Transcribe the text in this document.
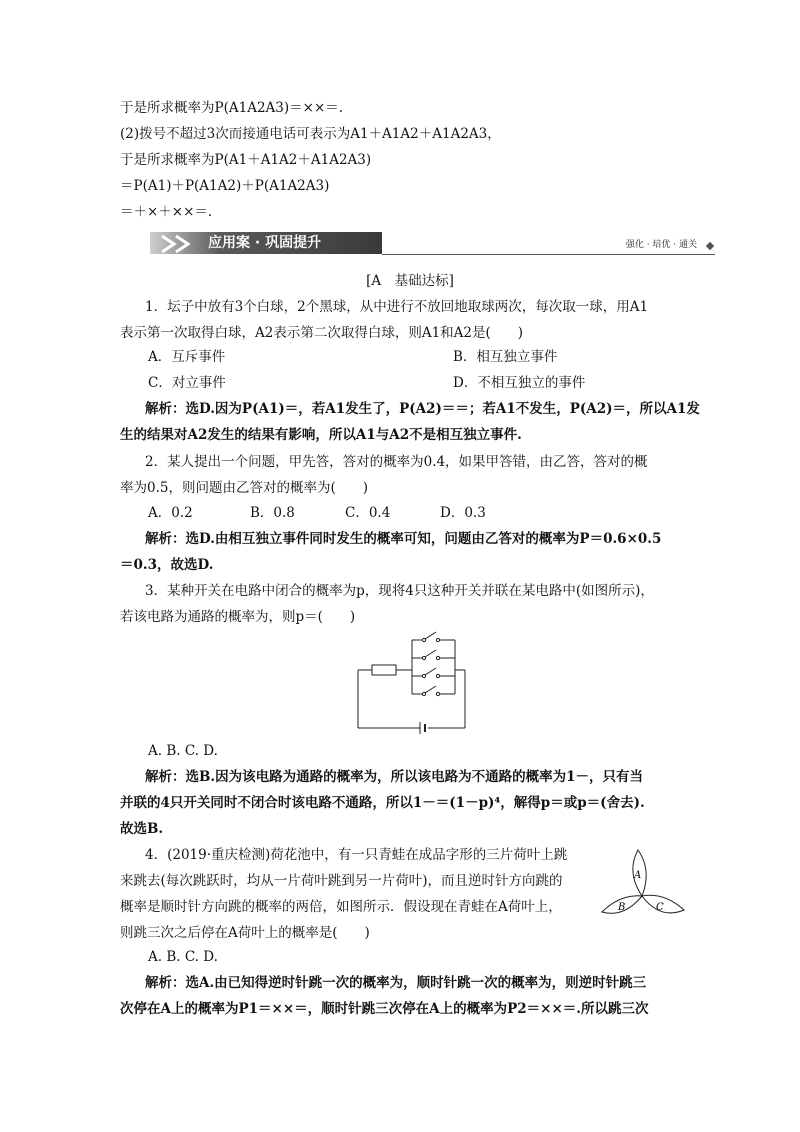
于是所求概率为P(A1A2A3)＝××＝.
(2)拨号不超过3次而接通电话可表示为A1＋A1A2＋A1A2A3，
于是所求概率为P(A1＋A1A2＋A1A2A3)
＝P(A1)＋P(A1A2)＋P(A1A2A3)
＝＋×＋××＝.
应用案 · 巩固提升	强化 · 培优 · 通关
[A　基础达标]
1．坛子中放有3个白球，2个黑球，从中进行不放回地取球两次，每次取一球，用A1
表示第一次取得白球，A2表示第二次取得白球，则A1和A2是(　　)
A．互斥事件	B．相互独立事件
C．对立事件	D．不相互独立的事件
解析：选D.因为P(A1)＝，若A1发生了，P(A2)＝＝；若A1不发生，P(A2)＝，所以A1发
生的结果对A2发生的结果有影响，所以A1与A2不是相互独立事件.
2．某人提出一个问题，甲先答，答对的概率为0.4，如果甲答错，由乙答，答对的概
率为0.5，则问题由乙答对的概率为(　　)
A．0.2	B．0.8	C．0.4	D．0.3
解析：选D.由相互独立事件同时发生的概率可知，问题由乙答对的概率为P＝0.6×0.5
＝0.3，故选D.
3．某种开关在电路中闭合的概率为p，现将4只这种开关并联在某电路中(如图所示)，
若该电路为通路的概率为，则p＝(　　)
A. B. C. D.
解析：选B.因为该电路为通路的概率为，所以该电路为不通路的概率为1－，只有当
并联的4只开关同时不闭合时该电路不通路，所以1－＝(1－p)⁴，解得p＝或p＝(舍去).
故选B.
4．(2019·重庆检测)荷花池中，有一只青蛙在成品字形的三片荷叶上跳
来跳去(每次跳跃时，均从一片荷叶跳到另一片荷叶)，而且逆时针方向跳的
概率是顺时针方向跳的概率的两倍，如图所示．假设现在青蛙在A荷叶上，
则跳三次之后停在A荷叶上的概率是(　　)
A
B	C
A. B. C. D.
解析：选A.由已知得逆时针跳一次的概率为，顺时针跳一次的概率为，则逆时针跳三
次停在A上的概率为P1＝××＝，顺时针跳三次停在A上的概率为P2＝××＝.所以跳三次
